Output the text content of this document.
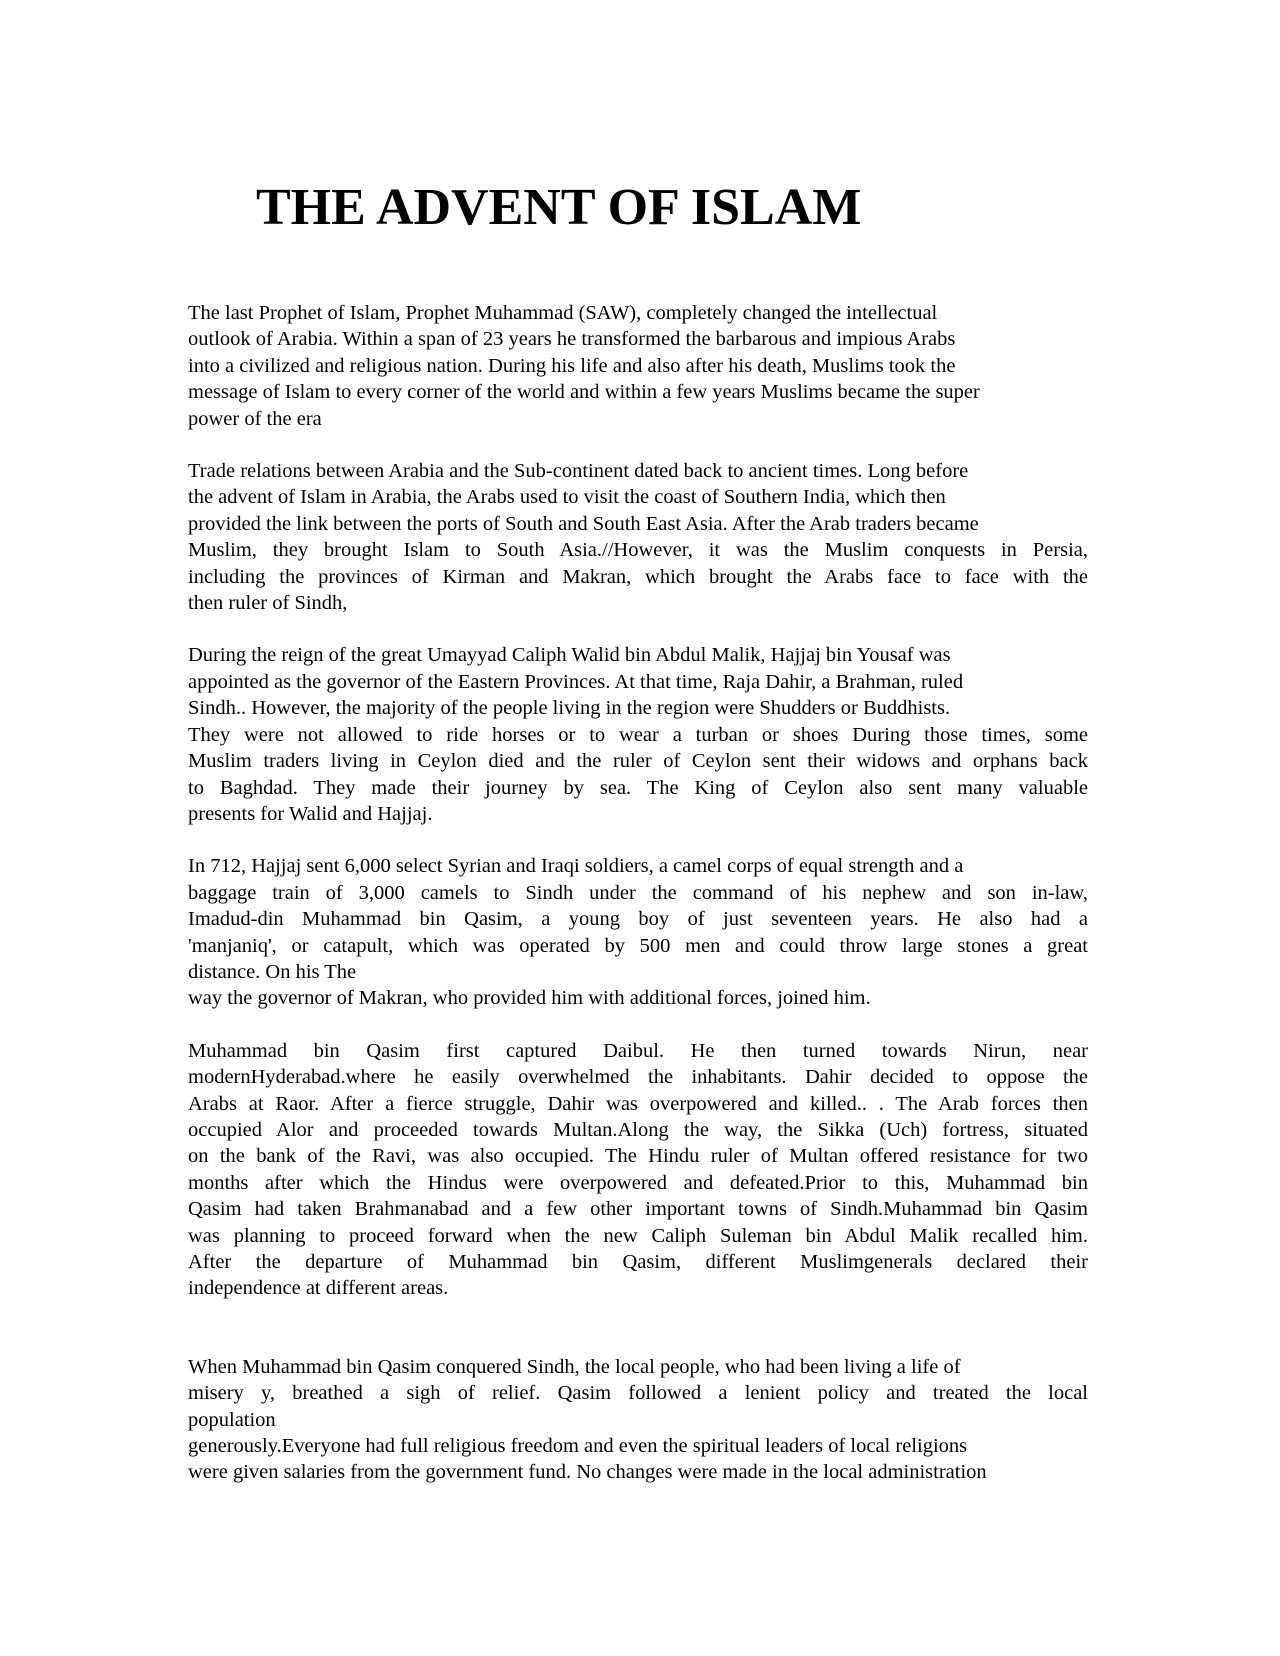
THE ADVENT OF ISLAM

The last Prophet of Islam, Prophet Muhammad (SAW), completely changed the intellectual
outlook of Arabia. Within a span of 23 years he transformed the barbarous and impious Arabs
into a civilized and religious nation. During his life and also after his death, Muslims took the
message of Islam to every corner of the world and within a few years Muslims became the super
power of the era

Trade relations between Arabia and the Sub-continent dated back to ancient times. Long before
the advent of Islam in Arabia, the Arabs used to visit the coast of Southern India, which then
provided the link between the ports of South and South East Asia. After the Arab traders became
Muslim, they brought Islam to South Asia.//However, it was the Muslim conquests in Persia,
including the provinces of Kirman and Makran, which brought the Arabs face to face with the
then ruler of Sindh,

During the reign of the great Umayyad Caliph Walid bin Abdul Malik, Hajjaj bin Yousaf was
appointed as the governor of the Eastern Provinces. At that time, Raja Dahir, a Brahman, ruled
Sindh.. However, the majority of the people living in the region were Shudders or Buddhists.
They were not allowed to ride horses or to wear a turban or shoes During those times, some
Muslim traders living in Ceylon died and the ruler of Ceylon sent their widows and orphans back
to Baghdad. They made their journey by sea. The King of Ceylon also sent many valuable
presents for Walid and Hajjaj.

In 712, Hajjaj sent 6,000 select Syrian and Iraqi soldiers, a camel corps of equal strength and a
baggage train of 3,000 camels to Sindh under the command of his nephew and son in-law,
Imadud-din Muhammad bin Qasim, a young boy of just seventeen years. He also had a
'manjaniq', or catapult, which was operated by 500 men and could throw large stones a great
distance. On his The
way the governor of Makran, who provided him with additional forces, joined him.

Muhammad bin Qasim first captured Daibul. He then turned towards Nirun, near
modernHyderabad.where he easily overwhelmed the inhabitants. Dahir decided to oppose the
Arabs at Raor. After a fierce struggle, Dahir was overpowered and killed.. . The Arab forces then
occupied Alor and proceeded towards Multan.Along the way, the Sikka (Uch) fortress, situated
on the bank of the Ravi, was also occupied. The Hindu ruler of Multan offered resistance for two
months after which the Hindus were overpowered and defeated.Prior to this, Muhammad bin
Qasim had taken Brahmanabad and a few other important towns of Sindh.Muhammad bin Qasim
was planning to proceed forward when the new Caliph Suleman bin Abdul Malik recalled him.
After the departure of Muhammad bin Qasim, different Muslimgenerals declared their
independence at different areas.

When Muhammad bin Qasim conquered Sindh, the local people, who had been living a life of
misery y, breathed a sigh of relief. Qasim followed a lenient policy and treated the local
population
generously.Everyone had full religious freedom and even the spiritual leaders of local religions
were given salaries from the government fund. No changes were made in the local administration
